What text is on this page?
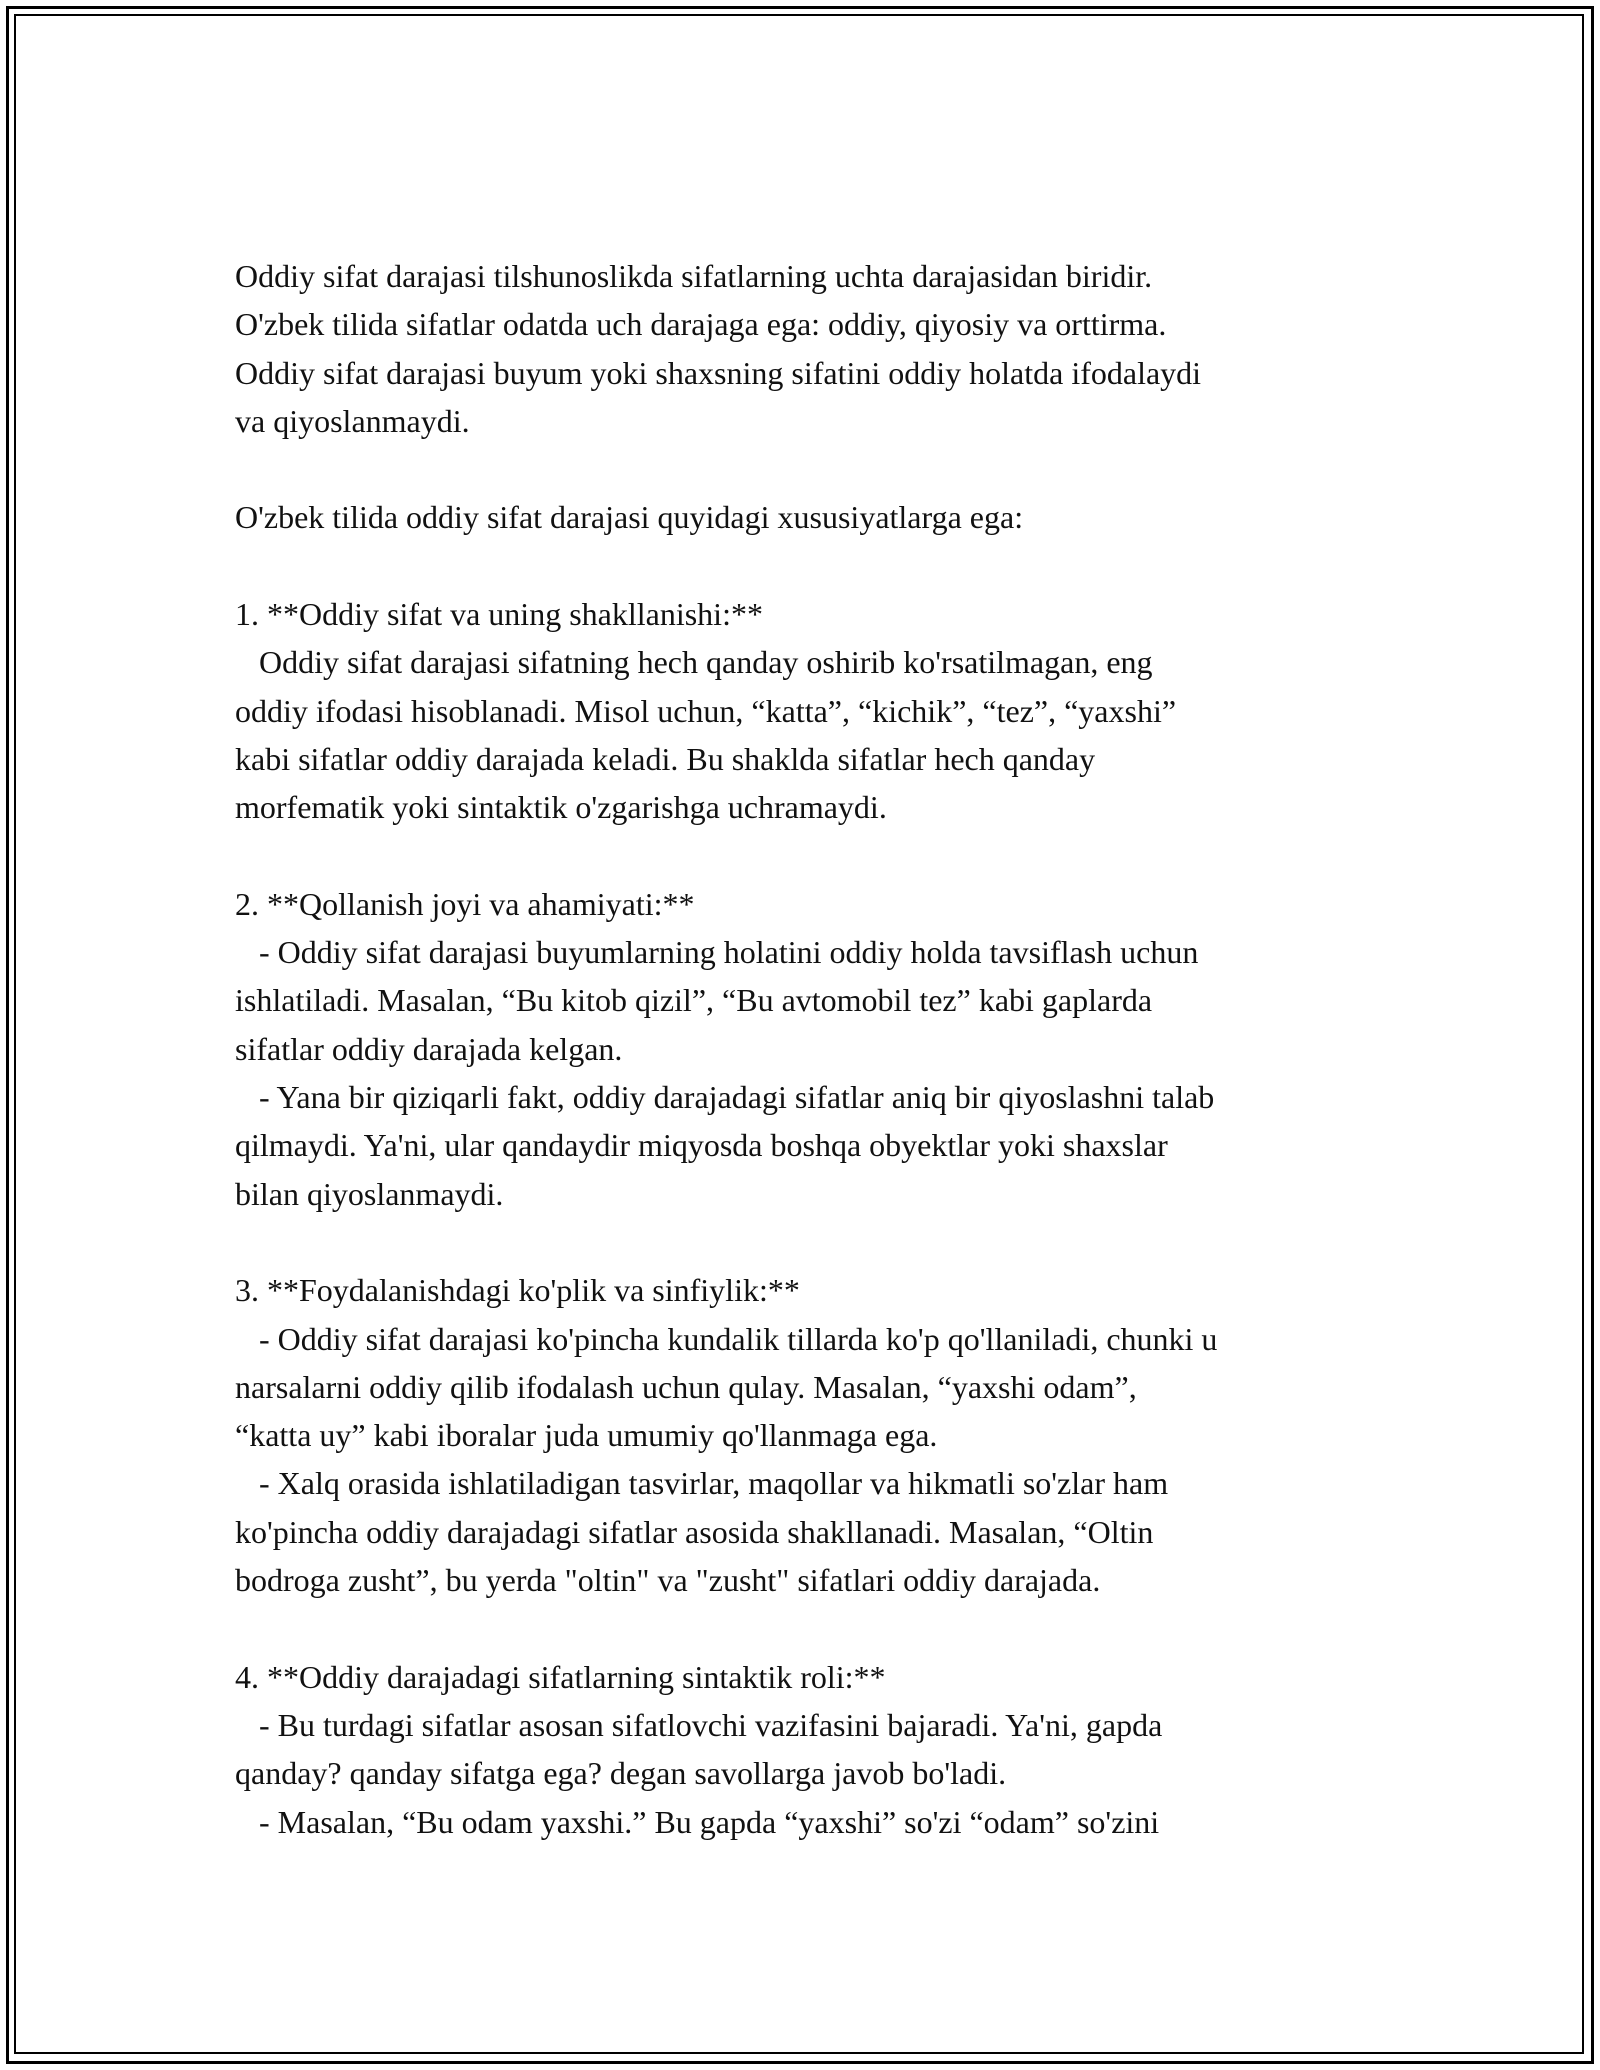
Oddiy sifat darajasi tilshunoslikda sifatlarning uchta darajasidan biridir.
O'zbek tilida sifatlar odatda uch darajaga ega: oddiy, qiyosiy va orttirma.
Oddiy sifat darajasi buyum yoki shaxsning sifatini oddiy holatda ifodalaydi
va qiyoslanmaydi.
O'zbek tilida oddiy sifat darajasi quyidagi xususiyatlarga ega:
1. **Oddiy sifat va uning shakllanishi:**
Oddiy sifat darajasi sifatning hech qanday oshirib ko'rsatilmagan, eng
oddiy ifodasi hisoblanadi. Misol uchun, “katta”, “kichik”, “tez”, “yaxshi”
kabi sifatlar oddiy darajada keladi. Bu shaklda sifatlar hech qanday
morfematik yoki sintaktik o'zgarishga uchramaydi.
2. **Qollanish joyi va ahamiyati:**
- Oddiy sifat darajasi buyumlarning holatini oddiy holda tavsiflash uchun
ishlatiladi. Masalan, “Bu kitob qizil”, “Bu avtomobil tez” kabi gaplarda
sifatlar oddiy darajada kelgan.
- Yana bir qiziqarli fakt, oddiy darajadagi sifatlar aniq bir qiyoslashni talab
qilmaydi. Ya'ni, ular qandaydir miqyosda boshqa obyektlar yoki shaxslar
bilan qiyoslanmaydi.
3. **Foydalanishdagi ko'plik va sinfiylik:**
- Oddiy sifat darajasi ko'pincha kundalik tillarda ko'p qo'llaniladi, chunki u
narsalarni oddiy qilib ifodalash uchun qulay. Masalan, “yaxshi odam”,
“katta uy” kabi iboralar juda umumiy qo'llanmaga ega.
- Xalq orasida ishlatiladigan tasvirlar, maqollar va hikmatli so'zlar ham
ko'pincha oddiy darajadagi sifatlar asosida shakllanadi. Masalan, “Oltin
bodroga zusht”, bu yerda "oltin" va "zusht" sifatlari oddiy darajada.
4. **Oddiy darajadagi sifatlarning sintaktik roli:**
- Bu turdagi sifatlar asosan sifatlovchi vazifasini bajaradi. Ya'ni, gapda
qanday? qanday sifatga ega? degan savollarga javob bo'ladi.
- Masalan, “Bu odam yaxshi.” Bu gapda “yaxshi” so'zi “odam” so'zini
